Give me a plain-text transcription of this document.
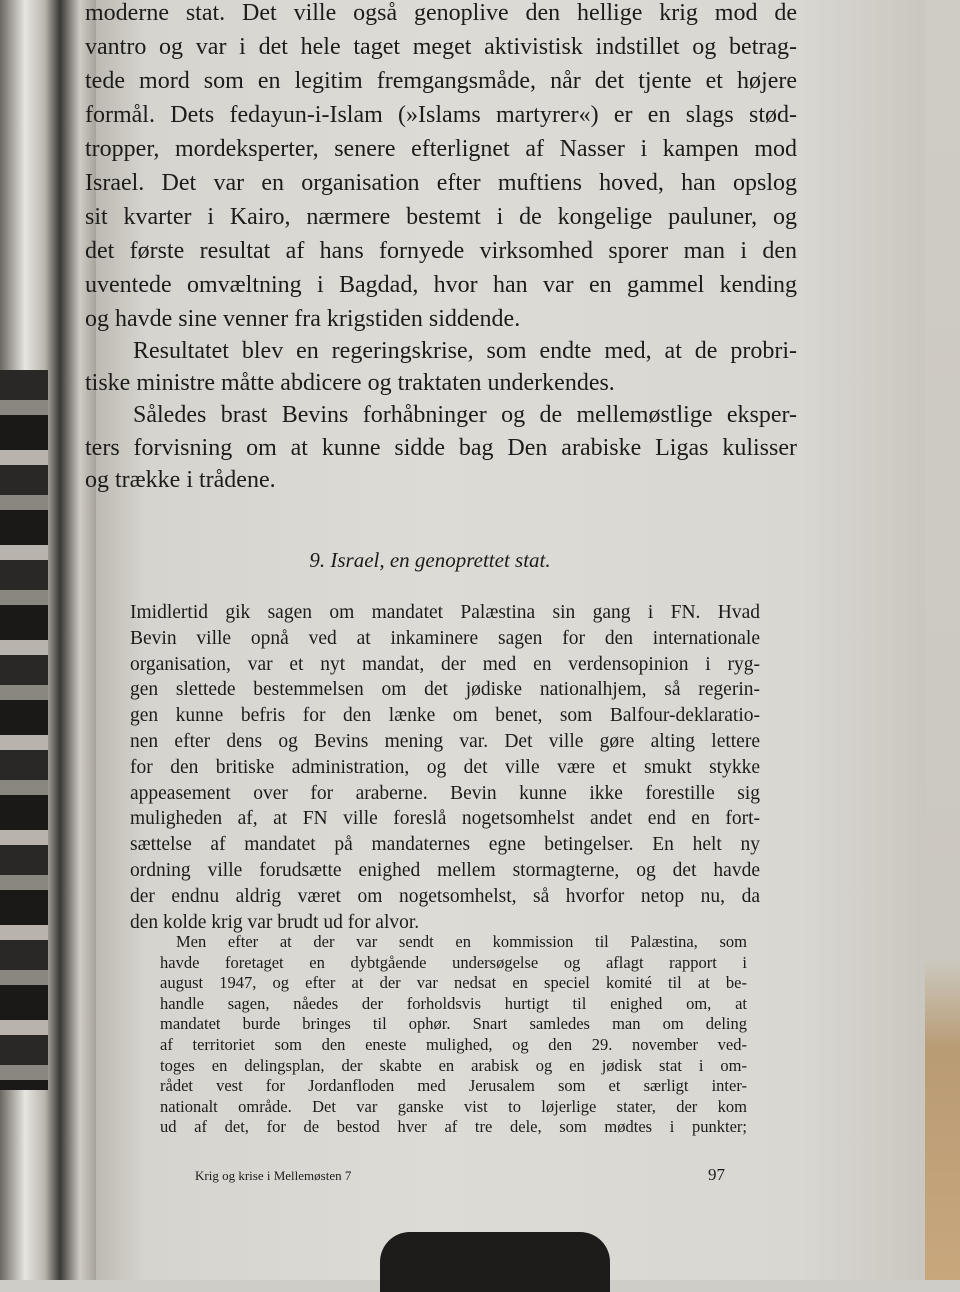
moderne stat. Det ville også genoplive den hellige krig mod de
vantro og var i det hele taget meget aktivistisk indstillet og betrag-
tede mord som en legitim fremgangsmåde, når det tjente et højere
formål. Dets fedayun-i-Islam (»Islams martyrer«) er en slags stød-
tropper, mordeksperter, senere efterlignet af Nasser i kampen mod
Israel. Det var en organisation efter muftiens hoved, han opslog
sit kvarter i Kairo, nærmere bestemt i de kongelige pauluner, og
det første resultat af hans fornyede virksomhed sporer man i den
uventede omvæltning i Bagdad, hvor han var en gammel kending
og havde sine venner fra krigstiden siddende.
Resultatet blev en regeringskrise, som endte med, at de probri-
tiske ministre måtte abdicere og traktaten underkendes.
Således brast Bevins forhåbninger og de mellemøstlige eksper-
ters forvisning om at kunne sidde bag Den arabiske Ligas kulisser
og trække i trådene.
9. Israel, en genoprettet stat.
Imidlertid gik sagen om mandatet Palæstina sin gang i FN. Hvad
Bevin ville opnå ved at inkaminere sagen for den internationale
organisation, var et nyt mandat, der med en verdensopinion i ryg-
gen slettede bestemmelsen om det jødiske nationalhjem, så regerin-
gen kunne befris for den lænke om benet, som Balfour-deklaratio-
nen efter dens og Bevins mening var. Det ville gøre alting lettere
for den britiske administration, og det ville være et smukt stykke
appeasement over for araberne. Bevin kunne ikke forestille sig
muligheden af, at FN ville foreslå nogetsomhelst andet end en fort-
sættelse af mandatet på mandaternes egne betingelser. En helt ny
ordning ville forudsætte enighed mellem stormagterne, og det havde
der endnu aldrig været om nogetsomhelst, så hvorfor netop nu, da
den kolde krig var brudt ud for alvor.
Men efter at der var sendt en kommission til Palæstina, som
havde foretaget en dybtgående undersøgelse og aflagt rapport i
august 1947, og efter at der var nedsat en speciel komité til at be-
handle sagen, nåedes der forholdsvis hurtigt til enighed om, at
mandatet burde bringes til ophør. Snart samledes man om deling
af territoriet som den eneste mulighed, og den 29. november ved-
toges en delingsplan, der skabte en arabisk og en jødisk stat i om-
rådet vest for Jordanfloden med Jerusalem som et særligt inter-
nationalt område. Det var ganske vist to løjerlige stater, der kom
ud af det, for de bestod hver af tre dele, som mødtes i punkter;
Krig og krise i Mellemøsten 7	97
